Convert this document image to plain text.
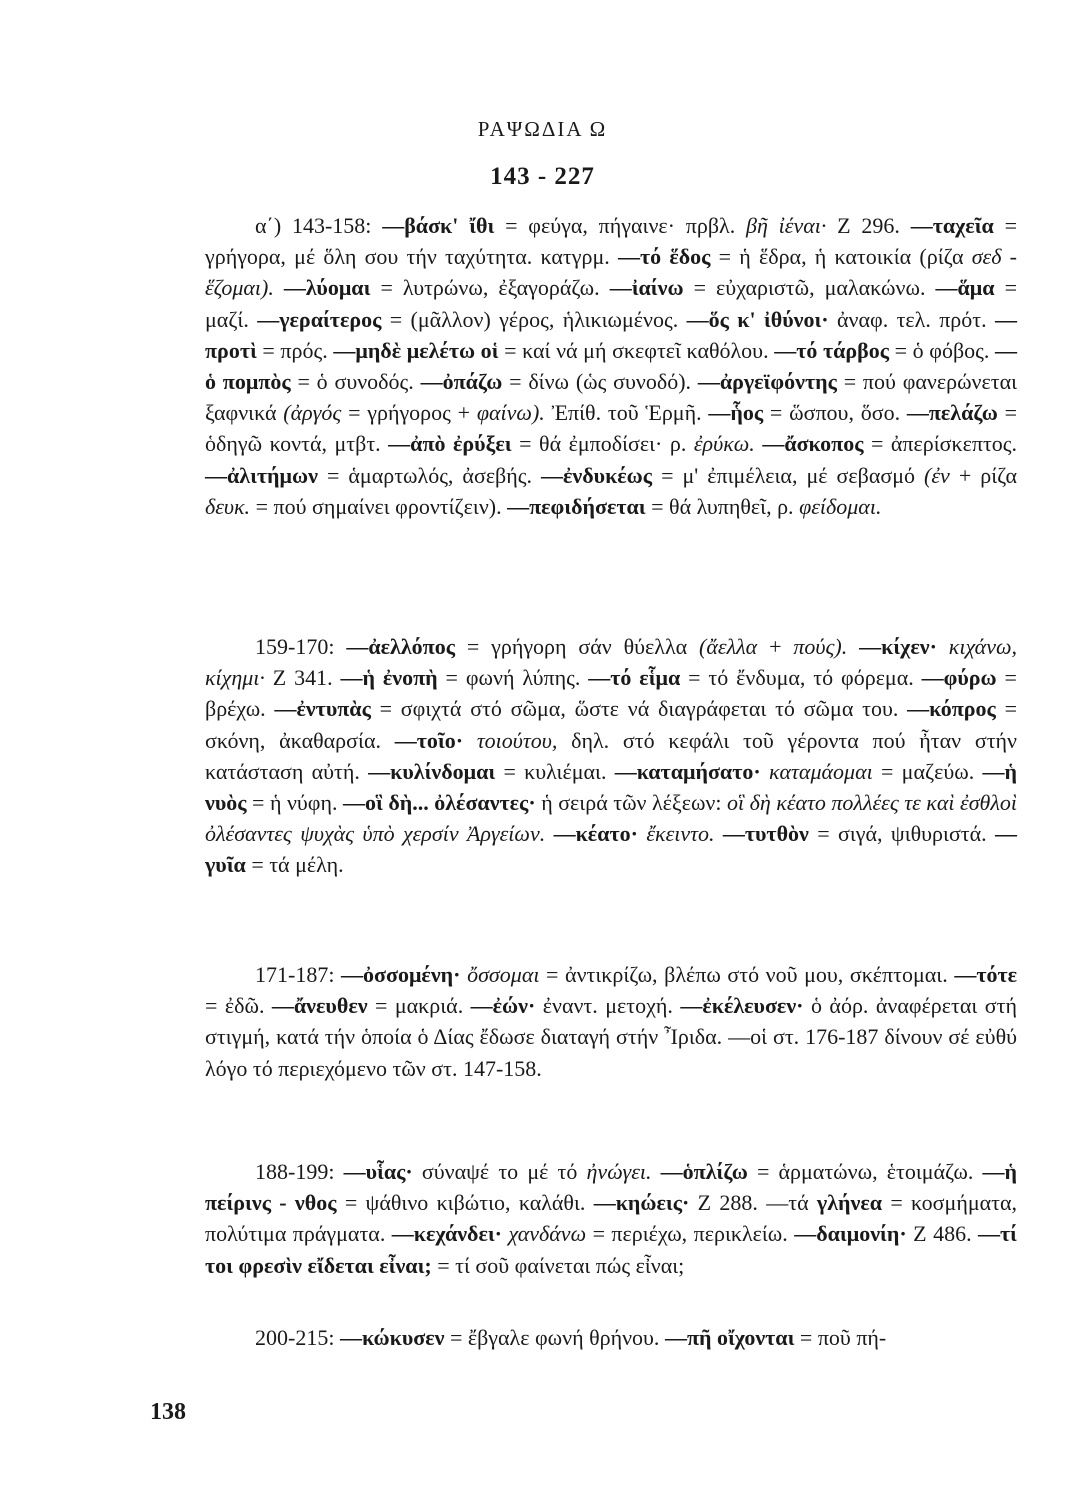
ΡΑΨΩΔΙΑ Ω
143 - 227

α΄) 143-158: —βάσκ' ἴθι = φεύγα, πήγαινε· πρβλ. βῆ ἰέναι· Ζ 296. —ταχεῖα = γρήγορα, μέ ὅλη σου τήν ταχύτητα. κατγρμ. —τό ἕδος = ἡ ἕδρα, ἡ κατοικία (ρίζα σεδ - ἕζομαι). —λύομαι = λυτρώνω, ἐξαγοράζω. —ἰαίνω = εὐχαριστῶ, μαλακώνω. —ἅμα = μαζί. —γεραίτερος = (μᾶλλον) γέρος, ἡλικιωμένος. —ὅς κ' ἰθύνοι· ἀναφ. τελ. πρότ. —προτὶ = πρός. —μηδὲ μελέτω οἱ = καί νά μή σκεφτεῖ καθόλου. —τό τάρβος = ὁ φόβος. —ὁ πομπὸς = ὁ συνοδός. —ὀπάζω = δίνω (ὡς συνοδό). —ἀργεϊφόντης = πού φανερώνεται ξαφνικά (ἀργός = γρήγορος + φαίνω). Ἐπίθ. τοῦ Ἑρμῆ. —ἧος = ὥσπου, ὅσο. —πελάζω = ὁδηγῶ κοντά, μτβτ. —ἀπὸ ἐρύξει = θά ἐμποδίσει· ρ. ἐρύκω. —ἄσκοπος = ἀπερίσκεπτος. —ἀλιτήμων = ἁμαρτωλός, ἀσεβής. —ἐνδυκέως = μ' ἐπιμέλεια, μέ σεβασμό (ἐν + ρίζα δευκ. = πού σημαίνει φροντίζειν). —πεφιδήσεται = θά λυπηθεῖ, ρ. φείδομαι.

159-170: —ἀελλόπος = γρήγορη σάν θύελλα (ἄελλα + πούς). —κίχεν· κιχάνω, κίχημι· Ζ 341. —ἡ ἐνοπὴ = φωνή λύπης. —τό εἷμα = τό ἔνδυμα, τό φόρεμα. —φύρω = βρέχω. —ἐντυπὰς = σφιχτά στό σῶμα, ὥστε νά διαγράφεται τό σῶμα του. —κόπρος = σκόνη, ἀκαθαρσία. —τοῖο· τοιούτου, δηλ. στό κεφάλι τοῦ γέροντα πού ἦταν στήν κατάσταση αὐτή. —κυλίνδομαι = κυλιέμαι. —καταμήσατο· καταμάομαι = μαζεύω. —ἡ νυὸς = ἡ νύφη. —οἳ δὴ... ὀλέσαντες· ἡ σειρά τῶν λέξεων: οἳ δὴ κέατο πολλέες τε καὶ ἐσθλοὶ ὀλέσαντες ψυχὰς ὑπὸ χερσίν Ἀργείων. —κέατο· ἔκειντο. —τυτθὸν = σιγά, ψιθυριστά. —γυῖα = τά μέλη.

171-187: —ὀσσομένη· ὄσσομαι = ἀντικρίζω, βλέπω στό νοῦ μου, σκέπτομαι. —τότε = ἐδῶ. —ἄνευθεν = μακριά. —ἐών· ἐναντ. μετοχή. —ἐκέλευσεν· ὁ ἀόρ. ἀναφέρεται στή στιγμή, κατά τήν ὁποία ὁ Δίας ἔδωσε διαταγή στήν Ἶριδα. —οἱ στ. 176-187 δίνουν σέ εὐθύ λόγο τό περιεχόμενο τῶν στ. 147-158.

188-199: —υἷας· σύναψέ το μέ τό ἠνώγει. —ὁπλίζω = ἁρματώνω, ἑτοιμάζω. —ἡ πείρινς - νθος = ψάθινο κιβώτιο, καλάθι. —κηώεις· Ζ 288. —τά γλήνεα = κοσμήματα, πολύτιμα πράγματα. —κεχάνδει· χανδάνω = περιέχω, περικλείω. —δαιμονίη· Ζ 486. —τί τοι φρεσὶν εἴδεται εἶναι; = τί σοῦ φαίνεται πώς εἶναι;

200-215: —κώκυσεν = ἔβγαλε φωνή θρήνου. —πῆ οἴχονται = ποῦ πή-

138
